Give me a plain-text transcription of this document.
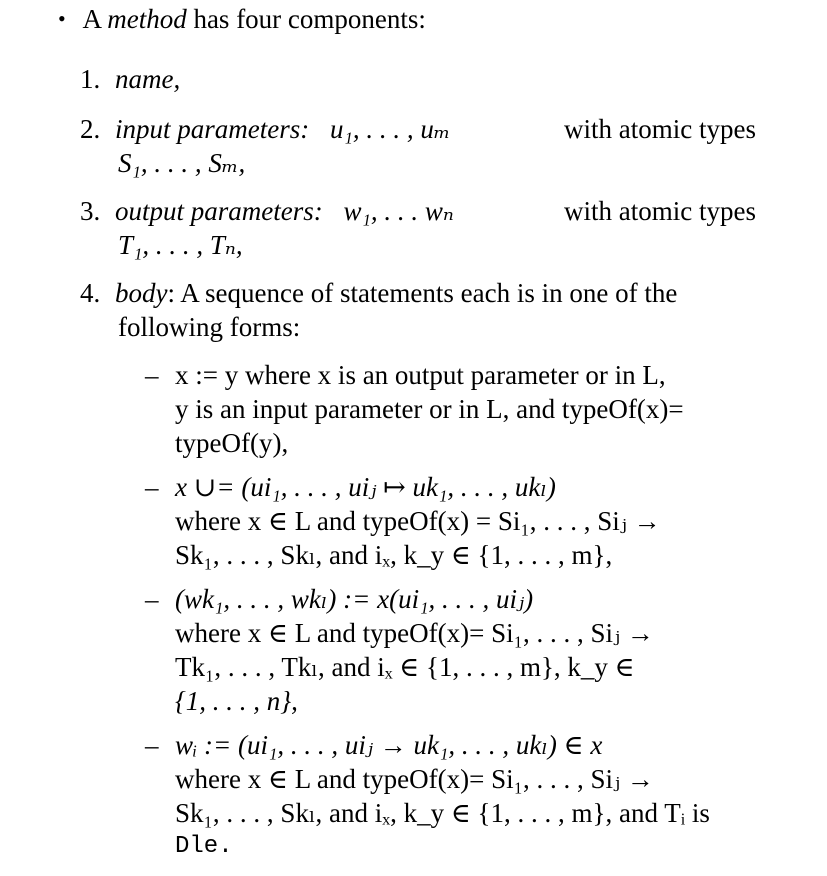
• A method has four components:
1. name,
2. input parameters: u₁, . . . , uₘ	with atomic types
S₁, . . . , Sₘ,
3. output parameters: w₁, . . . wₙ	with atomic types
T₁, . . . , Tₙ,
4. body: A sequence of statements each is in one of the
following forms:
– x := y where x is an output parameter or in L,
y is an input parameter or in L, and typeOf(x)=
typeOf(y),
– x ∪= (ui₁, . . . , uiⱼ ↦ uk₁, . . . , ukₗ)
where x ∈ L and typeOf(x) = Si₁, . . . , Siⱼ →
Sk₁, . . . , Skₗ, and iₓ, k_y ∈ {1, . . . , m},
– (wk₁, . . . , wkₗ) := x(ui₁, . . . , uiⱼ)
where x ∈ L and typeOf(x)= Si₁, . . . , Siⱼ →
Tk₁, . . . , Tkₗ, and iₓ ∈ {1, . . . , m}, k_y ∈
{1, . . . , n},
– wᵢ := (ui₁, . . . , uiⱼ → uk₁, . . . , ukₗ) ∈ x
where x ∈ L and typeOf(x)= Si₁, . . . , Siⱼ →
Sk₁, . . . , Skₗ, and iₓ, k_y ∈ {1, . . . , m}, and Tᵢ is
Dle.
